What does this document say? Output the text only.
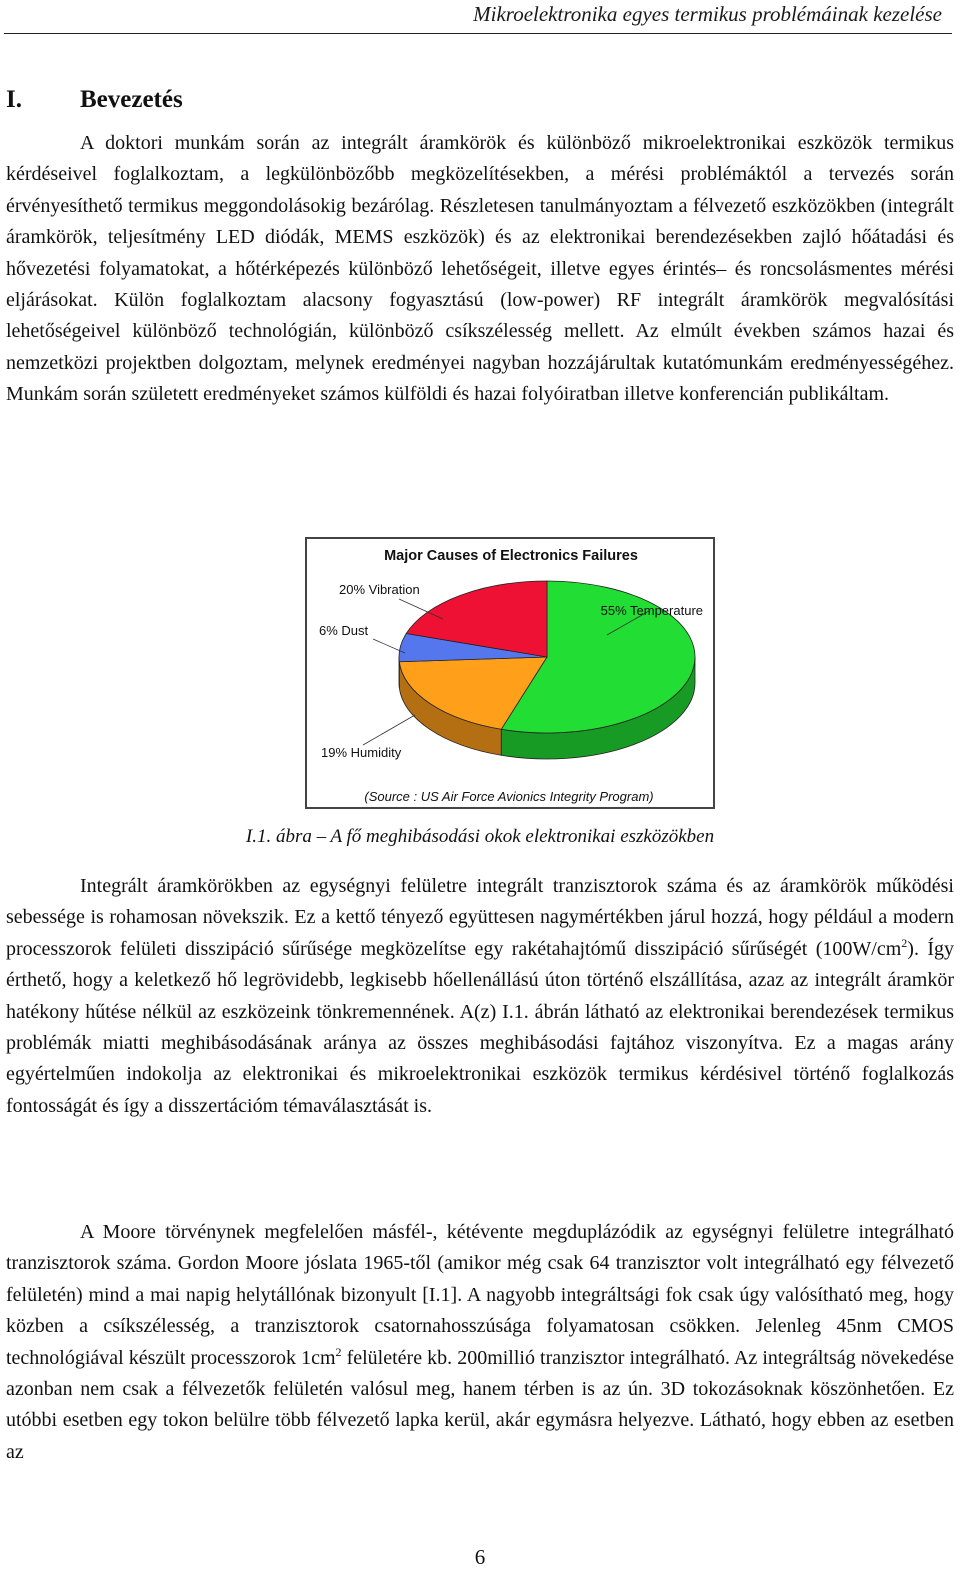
Mikroelektronika egyes termikus problémáinak kezelése
I. Bevezetés

A doktori munkám során az integrált áramkörök és különböző mikroelektronikai eszközök termikus kérdéseivel foglalkoztam, a legkülönbözőbb megközelítésekben, a mérési problémáktól a tervezés során érvényesíthető termikus meggondolásokig bezárólag. Részletesen tanulmányoztam a félvezető eszközökben (integrált áramkörök, teljesítmény LED diódák, MEMS eszközök) és az elektronikai berendezésekben zajló hőátadási és hővezetési folyamatokat, a hőtérképezés különböző lehetőségeit, illetve egyes érintés– és roncsolásmentes mérési eljárásokat. Külön foglalkoztam alacsony fogyasztású (low-power) RF integrált áramkörök megvalósítási lehetőségeivel különböző technológián, különböző csíkszélesség mellett. Az elmúlt években számos hazai és nemzetközi projektben dolgoztam, melynek eredményei nagyban hozzájárultak kutatómunkám eredményességéhez. Munkám során született eredményeket számos külföldi és hazai folyóiratban illetve konferencián publikáltam.

Major Causes of Electronics Failures
55% Temperature
19% Humidity
6% Dust
20% Vibration
(Source : US Air Force Avionics Integrity Program)
I.1. ábra – A fő meghibásodási okok elektronikai eszközökben

Integrált áramkörökben az egységnyi felületre integrált tranzisztorok száma és az áramkörök működési sebessége is rohamosan növekszik. Ez a kettő tényező együttesen nagymértékben járul hozzá, hogy például a modern processzorok felületi disszipáció sűrűsége megközelítse egy rakétahajtómű disszipáció sűrűségét $(100W/cm^2)$. Így érthető, hogy a keletkező hő legrövidebb, legkisebb hőellenállású úton történő elszállítása, azaz az integrált áramkör hatékony hűtése nélkül az eszközeink tönkremennének. A(z) I.1. ábrán látható az elektronikai berendezések termikus problémák miatti meghibásodásának aránya az összes meghibásodási fajtához viszonyítva. Ez a magas arány egyértelműen indokolja az elektronikai és mikroelektronikai eszközök termikus kérdésivel történő foglalkozás fontosságát és így a disszertációm témaválasztását is.

A Moore törvénynek megfelelően másfél-, kétévente megduplázódik az egységnyi felületre integrálható tranzisztorok száma. Gordon Moore jóslata 1965-től (amikor még csak 64 tranzisztor volt integrálható egy félvezető felületén) mind a mai napig helytállónak bizonyult [I.1]. A nagyobb integráltsági fok csak úgy valósítható meg, hogy közben a csíkszélesség, a tranzisztorok csatornahosszúsága folyamatosan csökken. Jelenleg 45nm CMOS technológiával készült processzorok $1cm^2$ felületére kb. 200millió tranzisztor integrálható. Az integráltság növekedése azonban nem csak a félvezetők felületén valósul meg, hanem térben is az ún. 3D tokozásoknak köszönhetően. Ez utóbbi esetben egy tokon belülre több félvezető lapka kerül, akár egymásra helyezve. Látható, hogy ebben az esetben az

6
